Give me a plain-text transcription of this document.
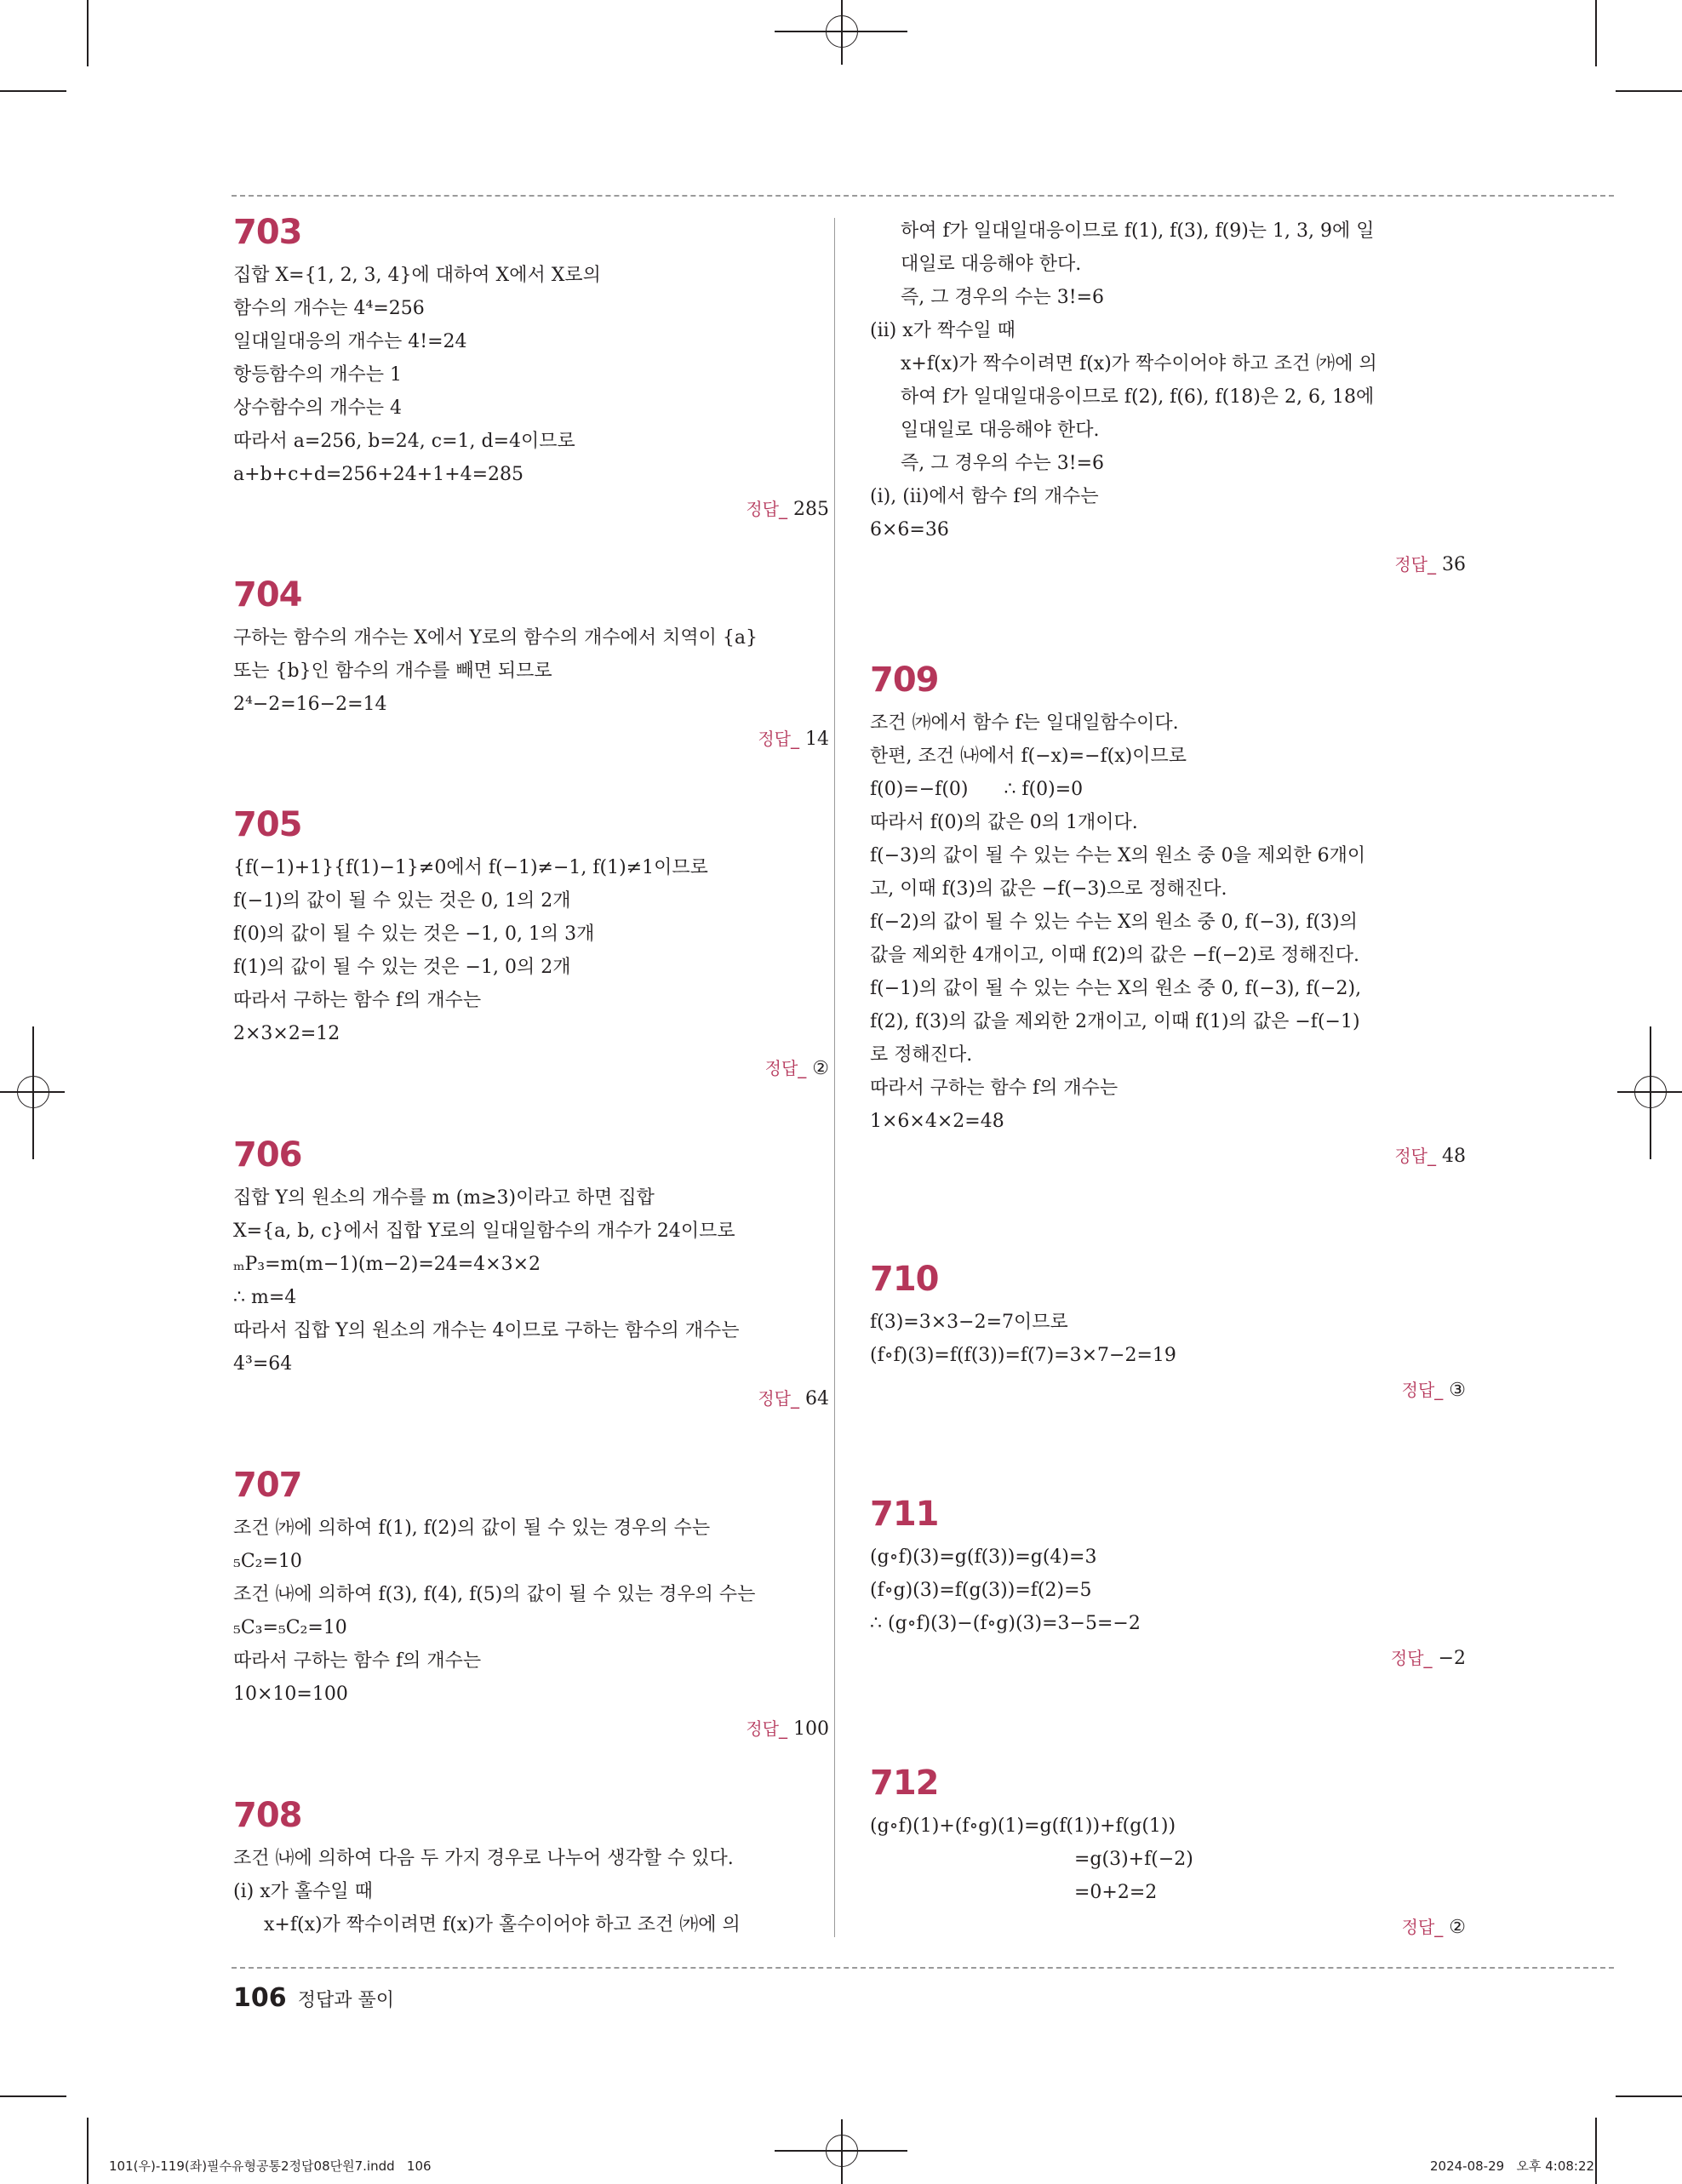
703
집합 X={1, 2, 3, 4}에 대하여 X에서 X로의
함수의 개수는 4⁴=256
일대일대응의 개수는 4!=24
항등함수의 개수는 1
상수함수의 개수는 4
따라서 a=256, b=24, c=1, d=4이므로
a+b+c+d=256+24+1+4=285
정답_ 285
704
구하는 함수의 개수는 X에서 Y로의 함수의 개수에서 치역이 {a}
또는 {b}인 함수의 개수를 빼면 되므로
2⁴−2=16−2=14
정답_ 14
705
{f(−1)+1}{f(1)−1}≠0에서 f(−1)≠−1, f(1)≠1이므로
f(−1)의 값이 될 수 있는 것은 0, 1의 2개
f(0)의 값이 될 수 있는 것은 −1, 0, 1의 3개
f(1)의 값이 될 수 있는 것은 −1, 0의 2개
따라서 구하는 함수 f의 개수는
2×3×2=12
정답_ ②
706
집합 Y의 원소의 개수를 m (m≥3)이라고 하면 집합
X={a, b, c}에서 집합 Y로의 일대일함수의 개수가 24이므로
ₘP₃=m(m−1)(m−2)=24=4×3×2
∴ m=4
따라서 집합 Y의 원소의 개수는 4이므로 구하는 함수의 개수는
4³=64
정답_ 64
707
조건 ㈎에 의하여 f(1), f(2)의 값이 될 수 있는 경우의 수는
₅C₂=10
조건 ㈏에 의하여 f(3), f(4), f(5)의 값이 될 수 있는 경우의 수는
₅C₃=₅C₂=10
따라서 구하는 함수 f의 개수는
10×10=100
정답_ 100
708
조건 ㈏에 의하여 다음 두 가지 경우로 나누어 생각할 수 있다.
(ⅰ) x가 홀수일 때
x+f(x)가 짝수이려면 f(x)가 홀수이어야 하고 조건 ㈎에 의
하여 f가 일대일대응이므로 f(1), f(3), f(9)는 1, 3, 9에 일
대일로 대응해야 한다.
즉, 그 경우의 수는 3!=6
(ⅱ) x가 짝수일 때
x+f(x)가 짝수이려면 f(x)가 짝수이어야 하고 조건 ㈎에 의
하여 f가 일대일대응이므로 f(2), f(6), f(18)은 2, 6, 18에
일대일로 대응해야 한다.
즉, 그 경우의 수는 3!=6
(ⅰ), (ⅱ)에서 함수 f의 개수는
6×6=36
정답_ 36
709
조건 ㈎에서 함수 f는 일대일함수이다.
한편, 조건 ㈏에서 f(−x)=−f(x)이므로
f(0)=−f(0)      ∴ f(0)=0
따라서 f(0)의 값은 0의 1개이다.
f(−3)의 값이 될 수 있는 수는 X의 원소 중 0을 제외한 6개이
고, 이때 f(3)의 값은 −f(−3)으로 정해진다.
f(−2)의 값이 될 수 있는 수는 X의 원소 중 0, f(−3), f(3)의
값을 제외한 4개이고, 이때 f(2)의 값은 −f(−2)로 정해진다.
f(−1)의 값이 될 수 있는 수는 X의 원소 중 0, f(−3), f(−2),
f(2), f(3)의 값을 제외한 2개이고, 이때 f(1)의 값은 −f(−1)
로 정해진다.
따라서 구하는 함수 f의 개수는
1×6×4×2=48
정답_ 48
710
f(3)=3×3−2=7이므로
(f∘f)(3)=f(f(3))=f(7)=3×7−2=19
정답_ ③
711
(g∘f)(3)=g(f(3))=g(4)=3
(f∘g)(3)=f(g(3))=f(2)=5
∴ (g∘f)(3)−(f∘g)(3)=3−5=−2
정답_ −2
712
(g∘f)(1)+(f∘g)(1)=g(f(1))+f(g(1))
=g(3)+f(−2)
=0+2=2
정답_ ②
106 정답과 풀이
101(우)-119(좌)필수유형공통2정답08단원7.indd   106	2024-08-29   오후 4:08:22
